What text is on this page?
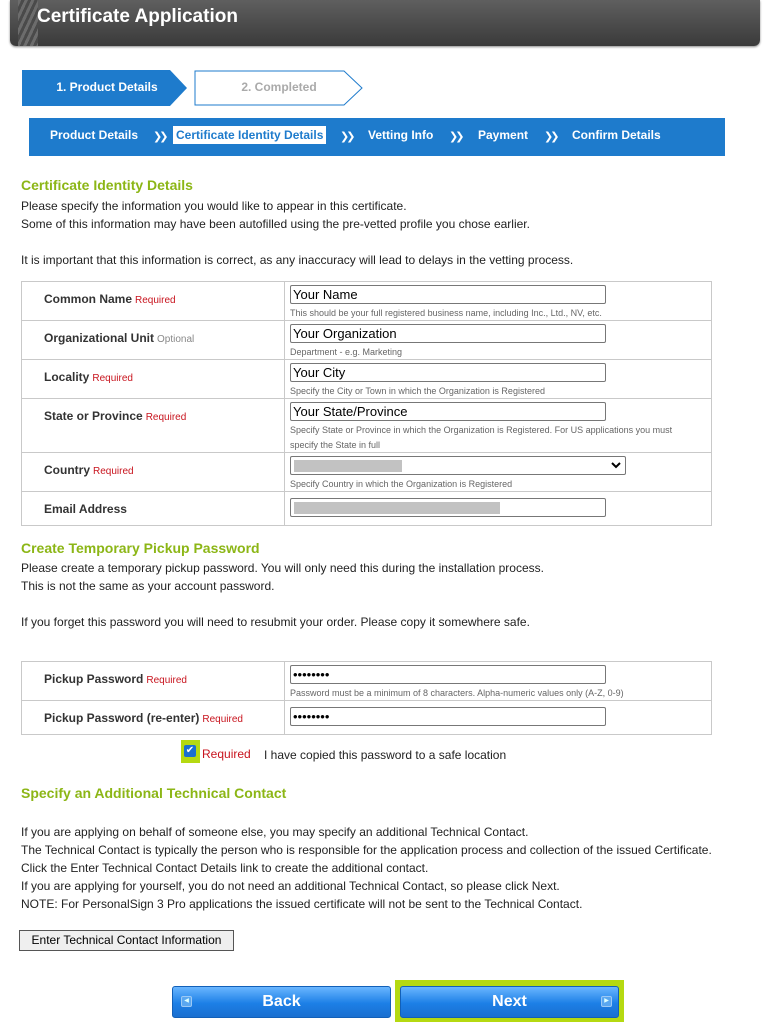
Certificate Application
1. Product Details	2. Completed
Product Details ❯❯ Certificate Identity Details ❯❯ Vetting Info ❯❯ Payment ❯❯ Confirm Details
Certificate Identity Details
Please specify the information you would like to appear in this certificate.
Some of this information may have been autofilled using the pre-vetted profile you chose earlier.
It is important that this information is correct, as any inaccuracy will lead to delays in the vetting process.
Common Name Required	Your Name
This should be your full registered business name, including Inc., Ltd., NV, etc.
Organizational Unit Optional	Your Organization
Department - e.g. Marketing
Locality Required	Your City
Specify the City or Town in which the Organization is Registered
State or Province Required	Your State/Province
Specify State or Province in which the Organization is Registered. For US applications you must specify the State in full
Country Required
Specify Country in which the Organization is Registered
Email Address
Create Temporary Pickup Password
Please create a temporary pickup password. You will only need this during the installation process.
This is not the same as your account password.
If you forget this password you will need to resubmit your order. Please copy it somewhere safe.
Pickup Password Required	••••••••
Password must be a minimum of 8 characters. Alpha-numeric values only (A-Z, 0-9)
Pickup Password (re-enter) Required	••••••••
✔ Required I have copied this password to a safe location
Specify an Additional Technical Contact
If you are applying on behalf of someone else, you may specify an additional Technical Contact.
The Technical Contact is typically the person who is responsible for the application process and collection of the issued Certificate.
Click the Enter Technical Contact Details link to create the additional contact.
If you are applying for yourself, you do not need an additional Technical Contact, so please click Next.
NOTE: For PersonalSign 3 Pro applications the issued certificate will not be sent to the Technical Contact.
Enter Technical Contact Information
◀	Back	Next	▶
